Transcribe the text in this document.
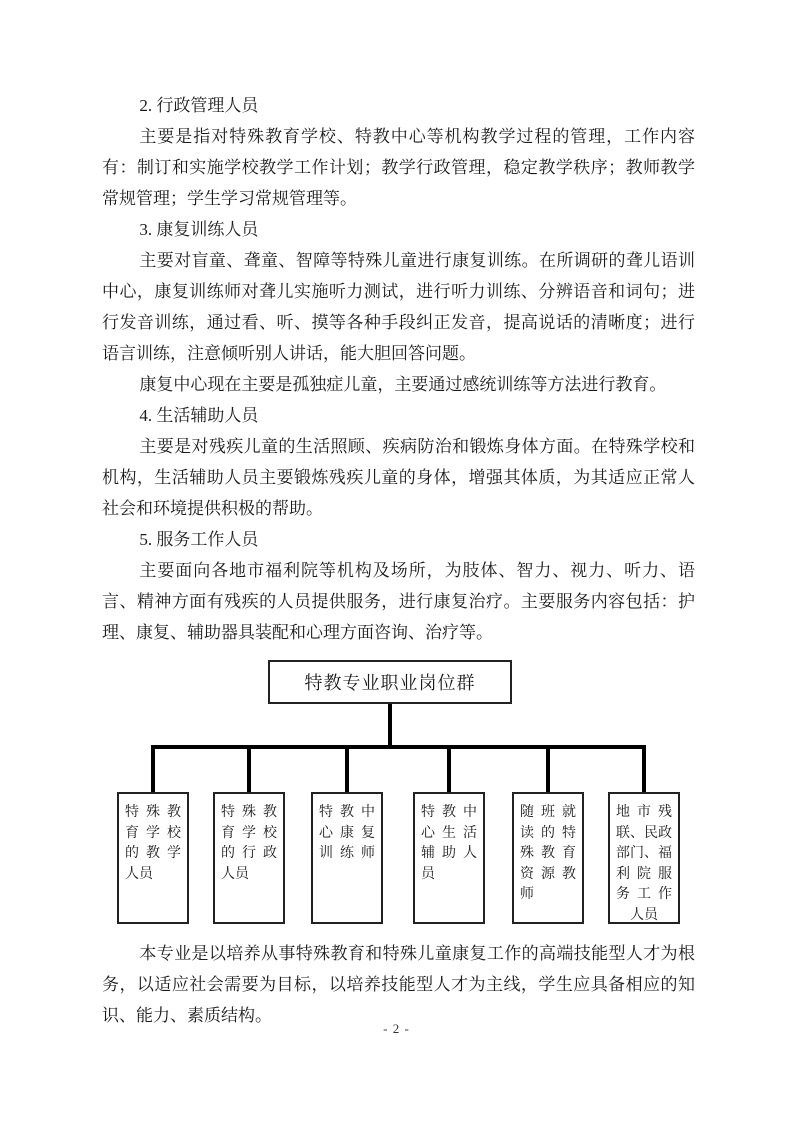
2. 行政管理人员

主要是指对特殊教育学校、特教中心等机构教学过程的管理，工作内容有：制订和实施学校教学工作计划；教学行政管理，稳定教学秩序；教师教学常规管理；学生学习常规管理等。

3. 康复训练人员

主要对盲童、聋童、智障等特殊儿童进行康复训练。在所调研的聋儿语训中心，康复训练师对聋儿实施听力测试，进行听力训练、分辨语音和词句；进行发音训练，通过看、听、摸等各种手段纠正发音，提高说话的清晰度；进行语言训练，注意倾听别人讲话，能大胆回答问题。

康复中心现在主要是孤独症儿童，主要通过感统训练等方法进行教育。

4. 生活辅助人员

主要是对残疾儿童的生活照顾、疾病防治和锻炼身体方面。在特殊学校和机构，生活辅助人员主要锻炼残疾儿童的身体，增强其体质，为其适应正常人社会和环境提供积极的帮助。

5. 服务工作人员

主要面向各地市福利院等机构及场所，为肢体、智力、视力、听力、语言、精神方面有残疾的人员提供服务，进行康复治疗。主要服务内容包括：护理、康复、辅助器具装配和心理方面咨询、治疗等。

特教专业职业岗位群
特 殊 教
育 学 校
的 教 学
人 员
特 殊 教
育 学 校
的 行 政
人 员
特 教 中
心 康 复
训 练 师
特 教 中
心 生 活
辅 助 人
员
随 班 就
读 的 特
殊 教 育
资 源 教
师
地 市 残
联 、 民 政
部 门 、 福
利 院 服
务 工 作
人 员

本专业是以培养从事特殊教育和特殊儿童康复工作的高端技能型人才为根务，以适应社会需要为目标，以培养技能型人才为主线，学生应具备相应的知识、能力、素质结构。

- 2 -
